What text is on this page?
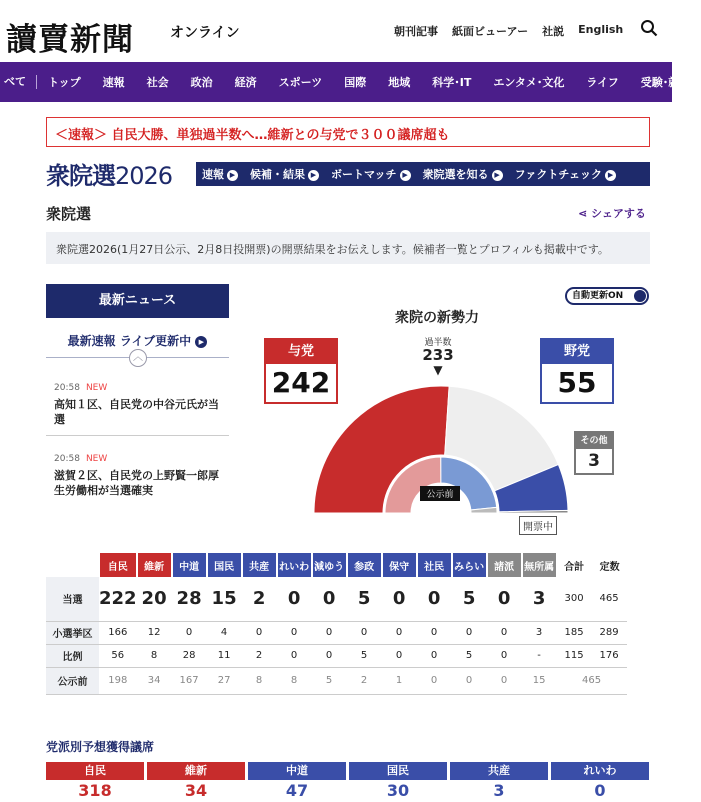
讀賣新聞	オンライン	朝刊記事 紙面ビューアー 社説 English
べて	トップ	速報	社会	政治	経済	スポーツ	国際	地域	科学･IT	エンタメ･文化	ライフ	受験･就活
＜速報＞ 自民大勝、単独過半数へ…維新との与党で３００議席超も
衆院選2026	速報 ▶	候補・結果 ▶	ボートマッチ ▶	衆院選を知る ▶	ファクトチェック ▶
衆院選	⋖ シェアする
衆院選2026(1月27日公示、2月8日投開票)の開票結果をお伝えします。候補者一覧とプロフィルも掲載中です。
最新ニュース
最新速報 ライブ更新中 ▶
︿
20:58 NEW
高知１区、自民党の中谷元氏が当選
20:58 NEW
滋賀２区、自民党の上野賢一郎厚生労働相が当選確実
自動更新ON
衆院の新勢力
与党
242
過半数
233
▼
野党
55
公示前
その他
3
開票中
	自民	維新	中道	国民	共産	れいわ	減ゆう	参政	保守	社民	みらい	諸派	無所属	合計	定数
当選	222	20	28	15	2	0	0	5	0	0	5	0	3	300	465
小選挙区	166	12	0	4	0	0	0	0	0	0	0	0	3	185	289
比例	56	8	28	11	2	0	0	5	0	0	5	0	-	115	176
公示前	198	34	167	27	8	8	5	2	1	0	0	0	15	465	
党派別予想獲得議席
自民
318
維新
34
中道
47
国民
30
共産
3
れいわ
0
